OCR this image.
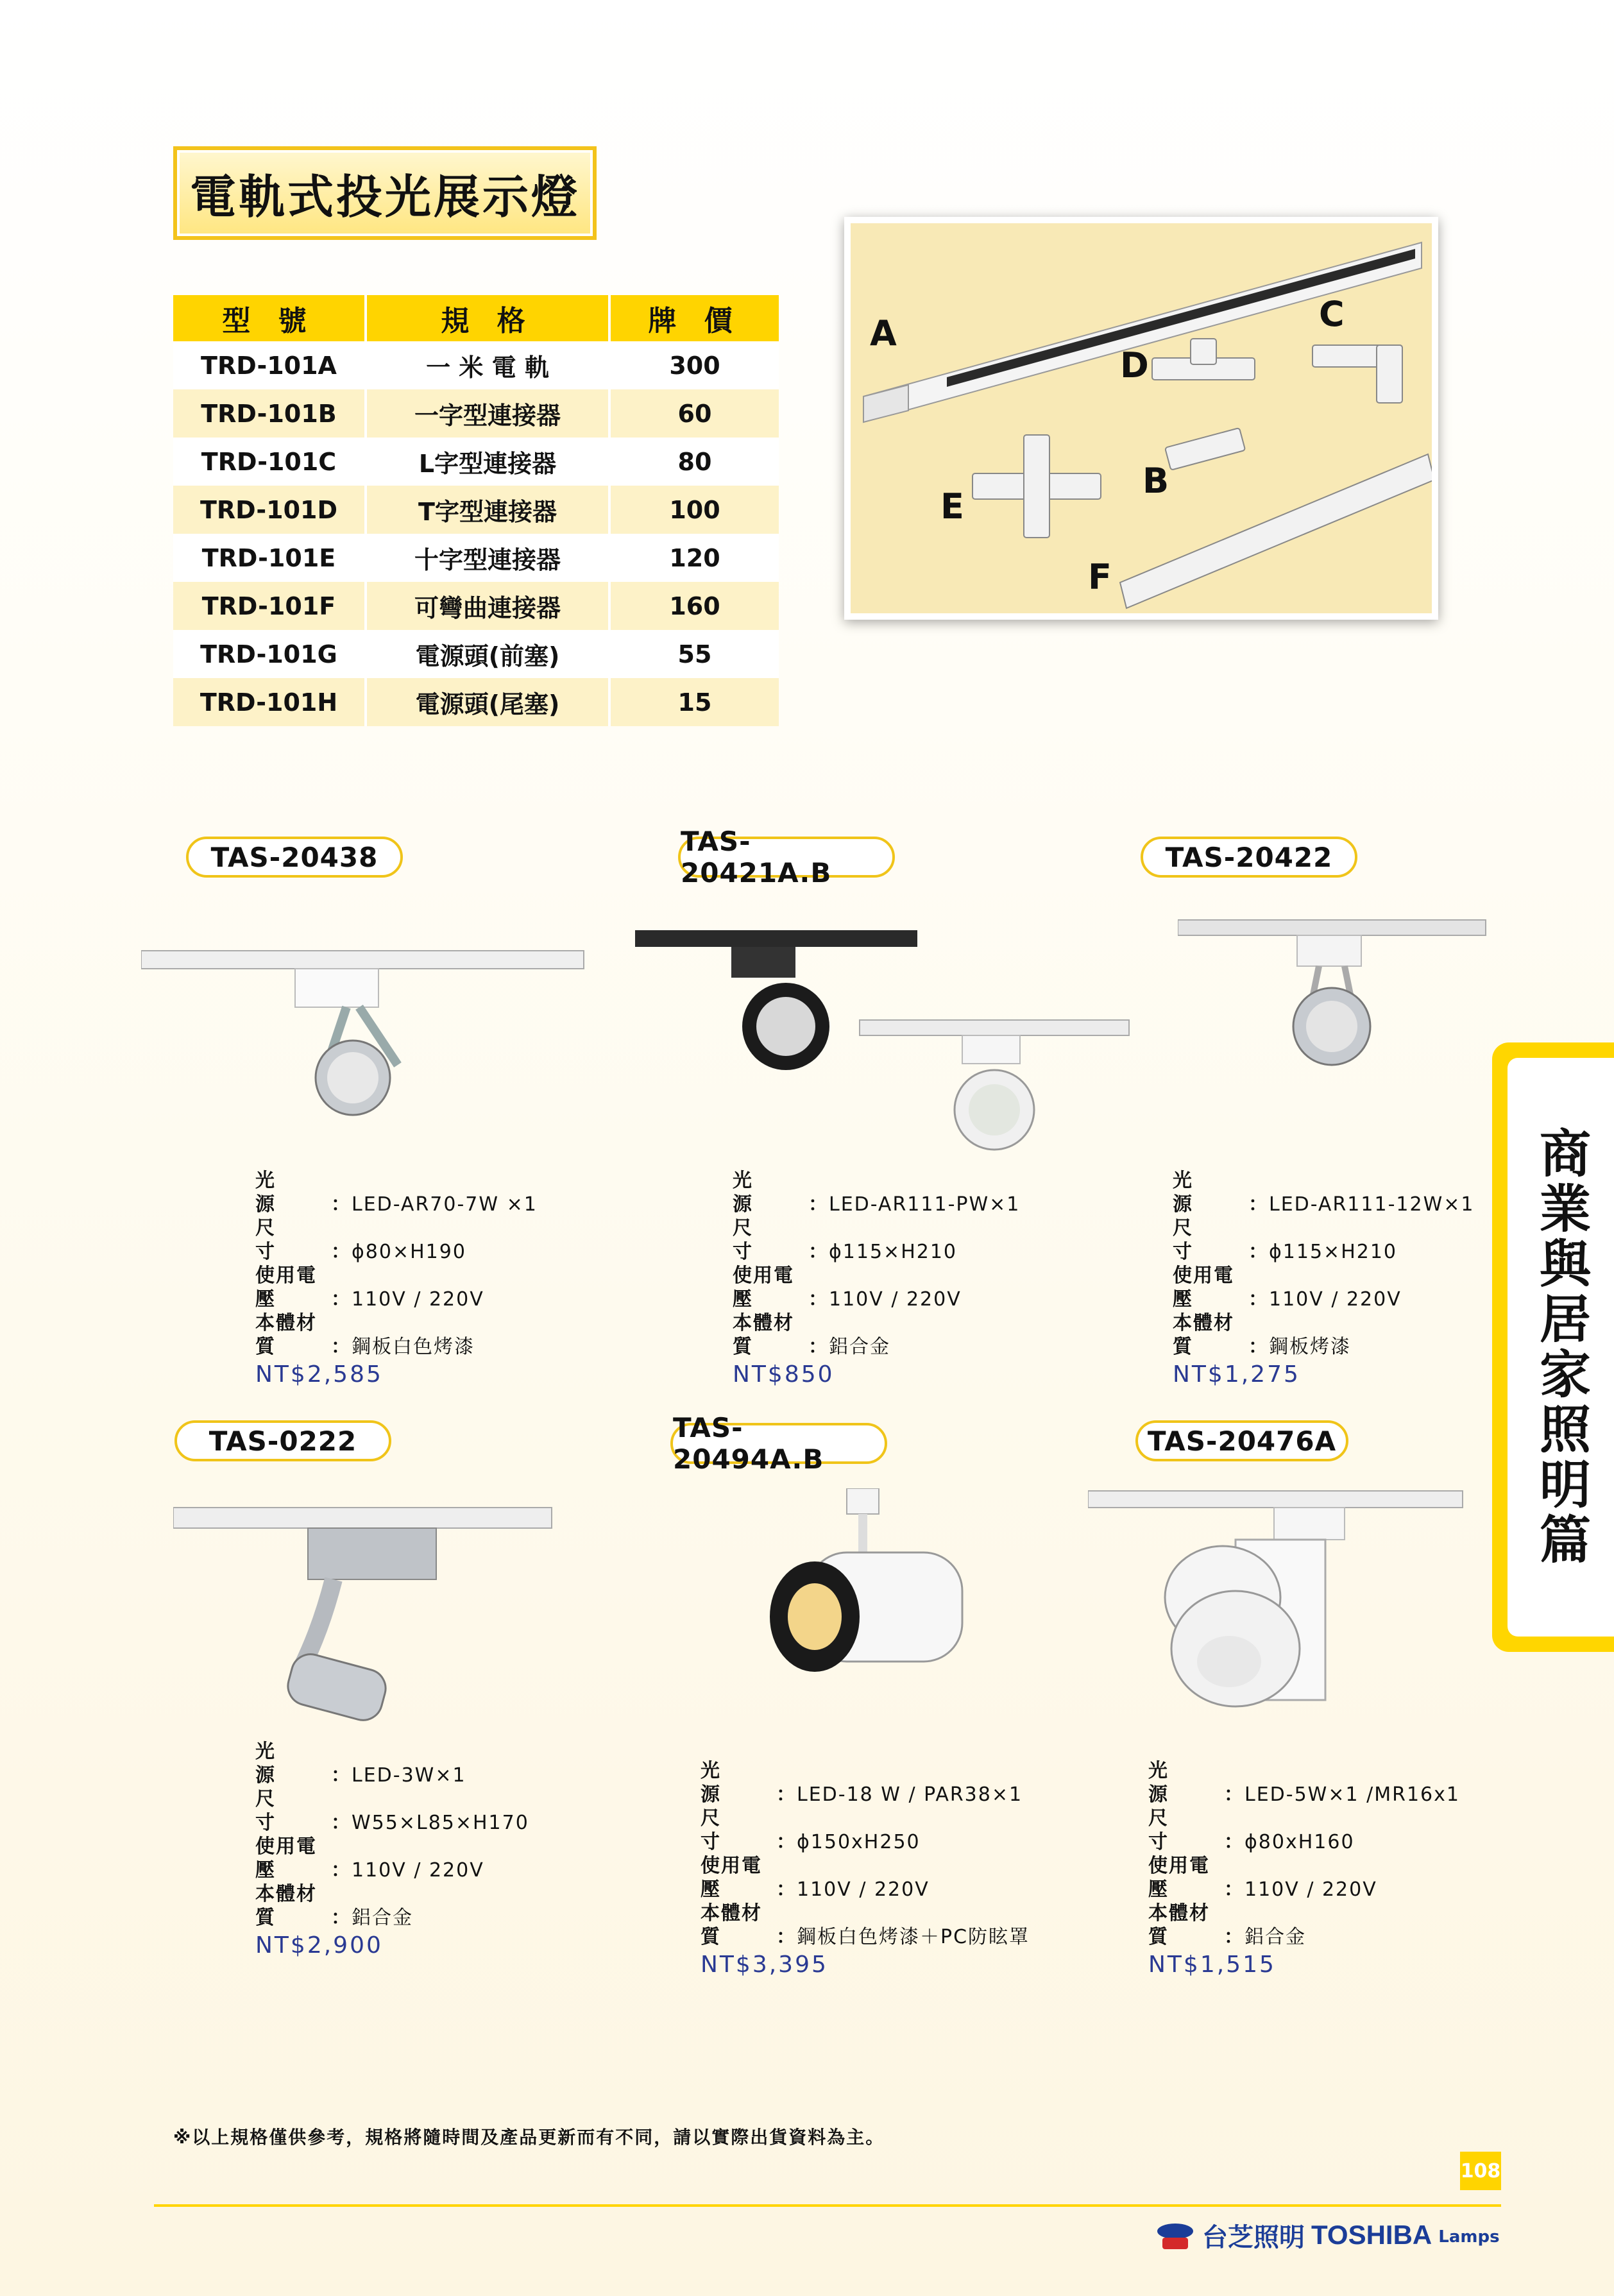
電軌式投光展示燈
型 號	規 格	牌 價
TRD-101A	一 米 電 軌	300
TRD-101B	一字型連接器	60
TRD-101C	L字型連接器	80
TRD-101D	T字型連接器	100
TRD-101E	十字型連接器	120
TRD-101F	可彎曲連接器	160
TRD-101G	電源頭(前塞)	55
TRD-101H	電源頭(尾塞)	15
A
D
C
E
B
F
商業與居家照明篇
TAS-20438
光　　源：LED-AR70-7W ×1
尺　　寸：ϕ80×H190
使用電壓：110V / 220V
本體材質：鋼板白色烤漆
NT$2,585
TAS-20421A.B
光　　源：LED-AR111-PW×1
尺　　寸：ϕ115×H210
使用電壓：110V / 220V
本體材質：鋁合金
NT$850
TAS-20422
光　　源：LED-AR111-12W×1
尺　　寸：ϕ115×H210
使用電壓：110V / 220V
本體材質：鋼板烤漆
NT$1,275
TAS-0222
光　　源：LED-3W×1
尺　　寸：W55×L85×H170
使用電壓：110V / 220V
本體材質：鋁合金
NT$2,900
TAS-20494A.B
光　　源：LED-18 W / PAR38×1
尺　　寸：ϕ150xH250
使用電壓：110V / 220V
本體材質：鋼板白色烤漆＋PC防眩罩
NT$3,395
TAS-20476A
光　　源：LED-5W×1 /MR16x1
尺　　寸：ϕ80xH160
使用電壓：110V / 220V
本體材質：鋁合金
NT$1,515
※以上規格僅供參考，規格將隨時間及產品更新而有不同，請以實際出貨資料為主。
108
台芝照明 TOSHIBA Lamps
